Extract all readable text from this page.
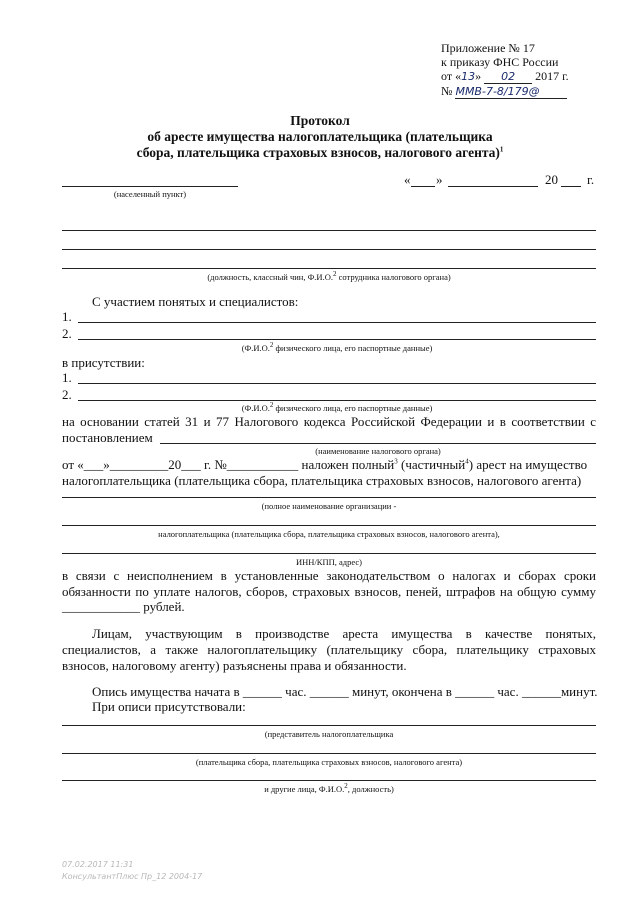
Приложение № 17
к приказу ФНС России
от «13» 02 2017 г.
№ ММВ-7-8/179@
Протокол
об аресте имущества налогоплательщика (плательщика
сбора, плательщика страховых взносов, налогового агента)$^1$
(населенный пункт)
« »	20 г.
(должность, классный чин, Ф.И.О.$^2$ сотрудника налогового органа)
С участием понятых и специалистов:
1.
2.
(Ф.И.О.$^2$ физического лица, его паспортные данные)
в присутствии:
1.
2.
(Ф.И.О.$^2$ физического лица, его паспортные данные)
на основании статей 31 и 77 Налогового кодекса Российской Федерации и в соответствии с
постановлением
(наименование налогового органа)
от «___»_________20___ г. №___________ наложен полный$^3$ (частичный$^4$) арест на имущество
налогоплательщика (плательщика сбора, плательщика страховых взносов, налогового агента)
(полное наименование организации -
налогоплательщика (плательщика сбора, плательщика страховых взносов, налогового агента),
ИНН/КПП, адрес)
в связи с неисполнением в установленные законодательством о налогах и сборах сроки
обязанности по уплате налогов, сборов, страховых взносов, пеней, штрафов на общую сумму
____________ рублей.
Лицам,  участвующим  в  производстве  ареста  имущества  в  качестве  понятых,
специалистов,  а  также  налогоплательщику  (плательщику  сбора,  плательщику  страховых
взносов, налоговому агенту) разъяснены права и обязанности.
Опись имущества начата в ______ час. ______ минут, окончена в ______ час. ______минут.
При описи присутствовали:
(представитель налогоплательщика
(плательщика сбора, плательщика страховых взносов, налогового агента)
и другие лица, Ф.И.О.$^2$, должность)
07.02.2017 11:31
КонсультантПлюс Пр_12 2004-17
